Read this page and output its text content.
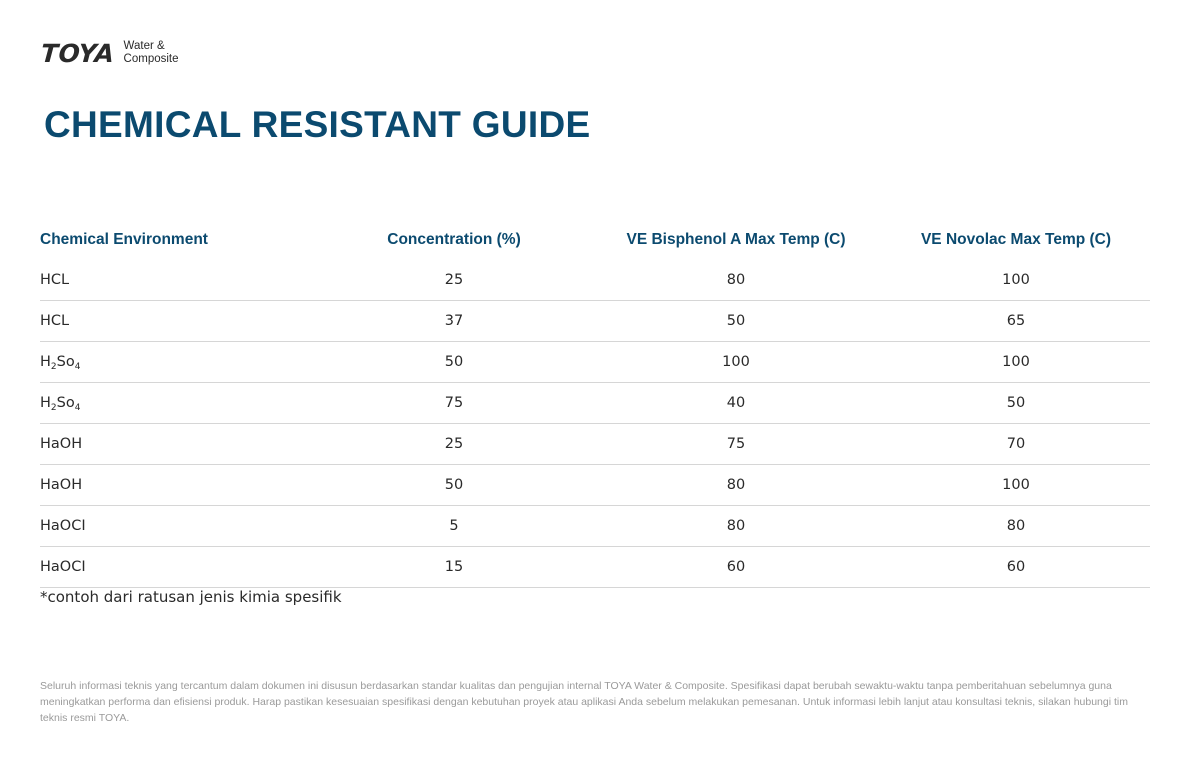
TOYA Water &
Composite
CHEMICAL RESISTANT GUIDE
Chemical Environment	Concentration (%)	VE Bisphenol A Max Temp (C)	VE Novolac Max Temp (C)
HCL	25	80	100
HCL	37	50	65
$H_2So_4$	50	100	100
$H_2So_4$	75	40	50
HaOH	25	75	70
HaOH	50	80	100
HaOCI	5	80	80
HaOCI	15	60	60
*contoh dari ratusan jenis kimia spesifik
Seluruh informasi teknis yang tercantum dalam dokumen ini disusun berdasarkan standar kualitas dan pengujian internal TOYA Water & Composite. Spesifikasi dapat berubah sewaktu-waktu tanpa pemberitahuan sebelumnya guna meningkatkan performa dan efisiensi produk. Harap pastikan kesesuaian spesifikasi dengan kebutuhan proyek atau aplikasi Anda sebelum melakukan pemesanan. Untuk informasi lebih lanjut atau konsultasi teknis, silakan hubungi tim teknis resmi TOYA.
